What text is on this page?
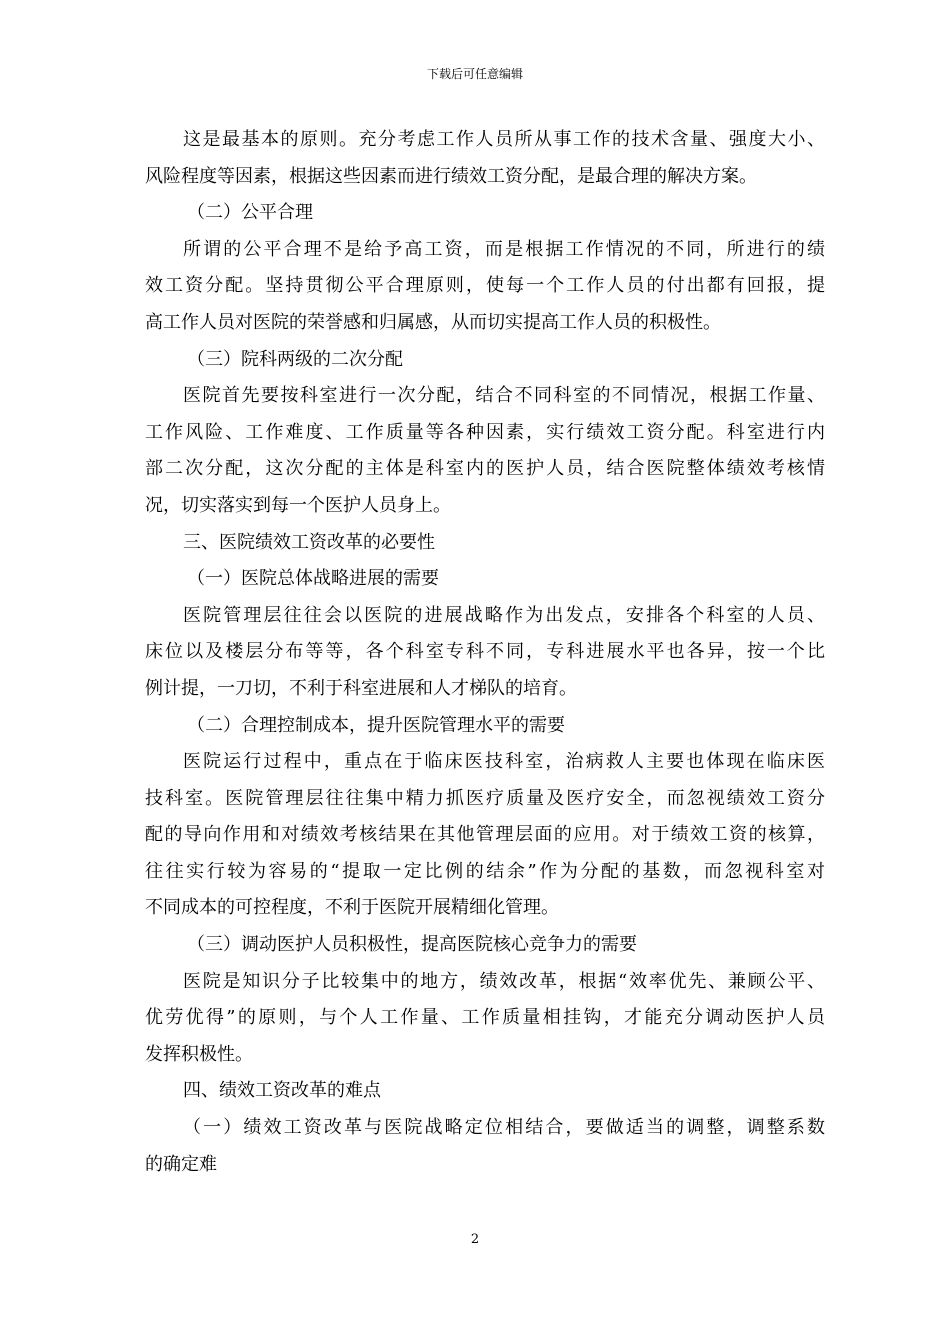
下载后可任意编辑
这是最基本的原则。充分考虑工作人员所从事工作的技术含量、强度大小、
风险程度等因素，根据这些因素而进行绩效工资分配，是最合理的解决方案。
（二）公平合理
所谓的公平合理不是给予高工资，而是根据工作情况的不同，所进行的绩
效工资分配。坚持贯彻公平合理原则，使每一个工作人员的付出都有回报，提
高工作人员对医院的荣誉感和归属感，从而切实提高工作人员的积极性。
（三）院科两级的二次分配
医院首先要按科室进行一次分配，结合不同科室的不同情况，根据工作量、
工作风险、工作难度、工作质量等各种因素，实行绩效工资分配。科室进行内
部二次分配，这次分配的主体是科室内的医护人员，结合医院整体绩效考核情
况，切实落实到每一个医护人员身上。
三、医院绩效工资改革的必要性
（一）医院总体战略进展的需要
医院管理层往往会以医院的进展战略作为出发点，安排各个科室的人员、
床位以及楼层分布等等，各个科室专科不同，专科进展水平也各异，按一个比
例计提，一刀切，不利于科室进展和人才梯队的培育。
（二）合理控制成本，提升医院管理水平的需要
医院运行过程中，重点在于临床医技科室，治病救人主要也体现在临床医
技科室。医院管理层往往集中精力抓医疗质量及医疗安全，而忽视绩效工资分
配的导向作用和对绩效考核结果在其他管理层面的应用。对于绩效工资的核算，
往往实行较为容易的“提取一定比例的结余”作为分配的基数，而忽视科室对
不同成本的可控程度，不利于医院开展精细化管理。
（三）调动医护人员积极性，提高医院核心竞争力的需要
医院是知识分子比较集中的地方，绩效改革，根据“效率优先、兼顾公平、
优劳优得”的原则，与个人工作量、工作质量相挂钩，才能充分调动医护人员
发挥积极性。
四、绩效工资改革的难点
（一）绩效工资改革与医院战略定位相结合，要做适当的调整，调整系数
的确定难
2
